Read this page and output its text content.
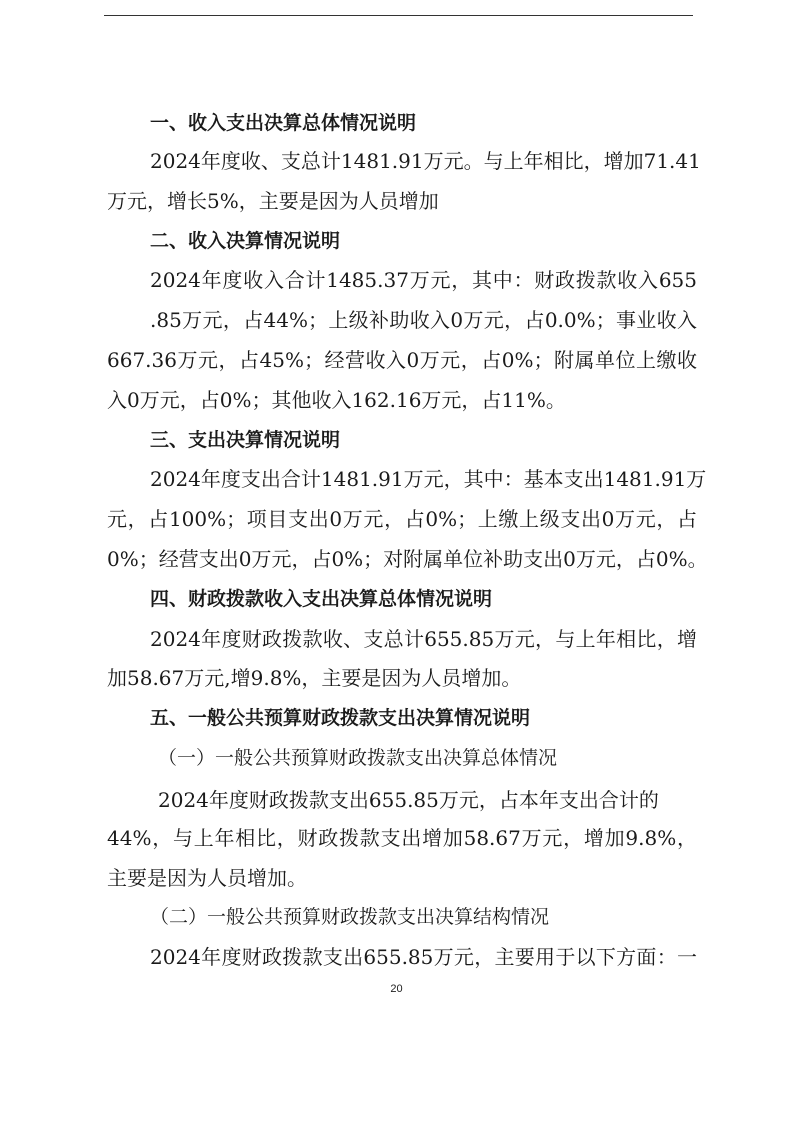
一、收入支出决算总体情况说明
2024年度收、支总计1481.91万元。与上年相比，增加71.41
万元，增长5%，主要是因为人员增加
二、收入决算情况说明
2024年度收入合计1485.37万元，其中：财政拨款收入655
.85万元，占44%；上级补助收入0万元，占0.0%；事业收入
667.36万元，占45%；经营收入0万元，占0%；附属单位上缴收
入0万元，占0%；其他收入162.16万元，占11%。
三、支出决算情况说明
2024年度支出合计1481.91万元，其中：基本支出1481.91万
元，占100%；项目支出0万元，占0%；上缴上级支出0万元，占
0%；经营支出0万元，占0%；对附属单位补助支出0万元，占0%。
四、财政拨款收入支出决算总体情况说明
2024年度财政拨款收、支总计655.85万元，与上年相比，增
加58.67万元,增9.8%，主要是因为人员增加。
五、一般公共预算财政拨款支出决算情况说明
（一）一般公共预算财政拨款支出决算总体情况
2024年度财政拨款支出655.85万元，占本年支出合计的
44%，与上年相比，财政拨款支出增加58.67万元，增加9.8%，
主要是因为人员增加。
（二）一般公共预算财政拨款支出决算结构情况
2024年度财政拨款支出655.85万元，主要用于以下方面：一
20
